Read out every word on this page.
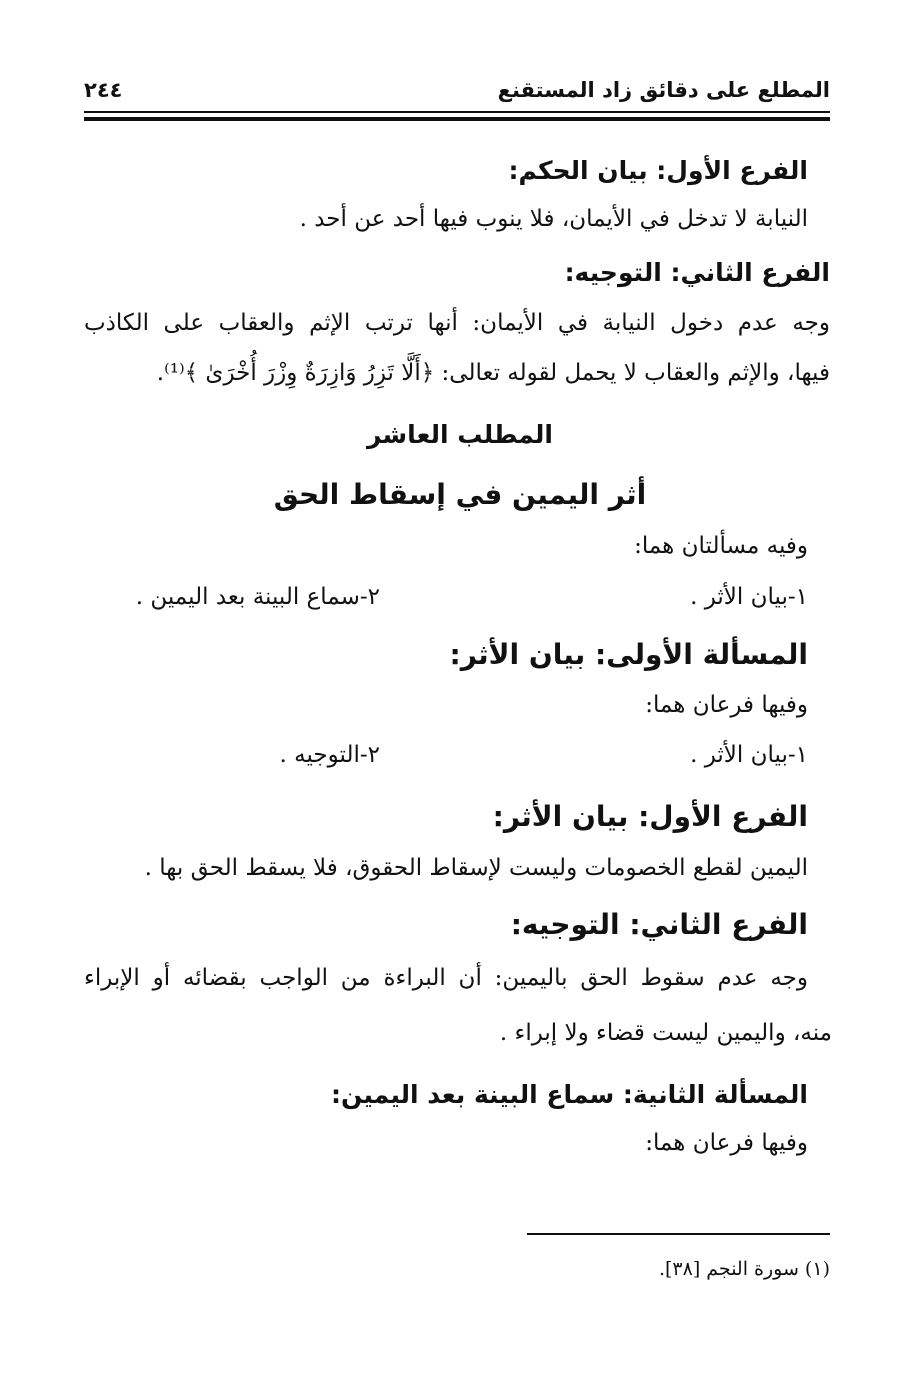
المطلع على دقائق زاد المستقنع
٢٤٤
الفرع الأول: بيان الحكم:
النيابة لا تدخل في الأيمان، فلا ينوب فيها أحد عن أحد .
الفرع الثاني: التوجيه:
وجه عدم دخول النيابة في الأيمان: أنها ترتب الإثم والعقاب على الكاذب
فيها، والإثم والعقاب لا يحمل لقوله تعالى: ﴿أَلَّا تَزِرُ وَازِرَةٌ وِزْرَ أُخْرَىٰ ﴾⁽¹⁾.
المطلب العاشر
أثر اليمين في إسقاط الحق
وفيه مسألتان هما:
١-بيان الأثر .
٢-سماع البينة بعد اليمين .
المسألة الأولى: بيان الأثر:
وفيها فرعان هما:
١-بيان الأثر .
٢-التوجيه .
الفرع الأول: بيان الأثر:
اليمين لقطع الخصومات وليست لإسقاط الحقوق، فلا يسقط الحق بها .
الفرع الثاني: التوجيه:
وجه عدم سقوط الحق باليمين: أن البراءة من الواجب بقضائه أو الإبراء
منه، واليمين ليست قضاء ولا إبراء .
المسألة الثانية: سماع البينة بعد اليمين:
وفيها فرعان هما:
(١) سورة النجم [٣٨].
